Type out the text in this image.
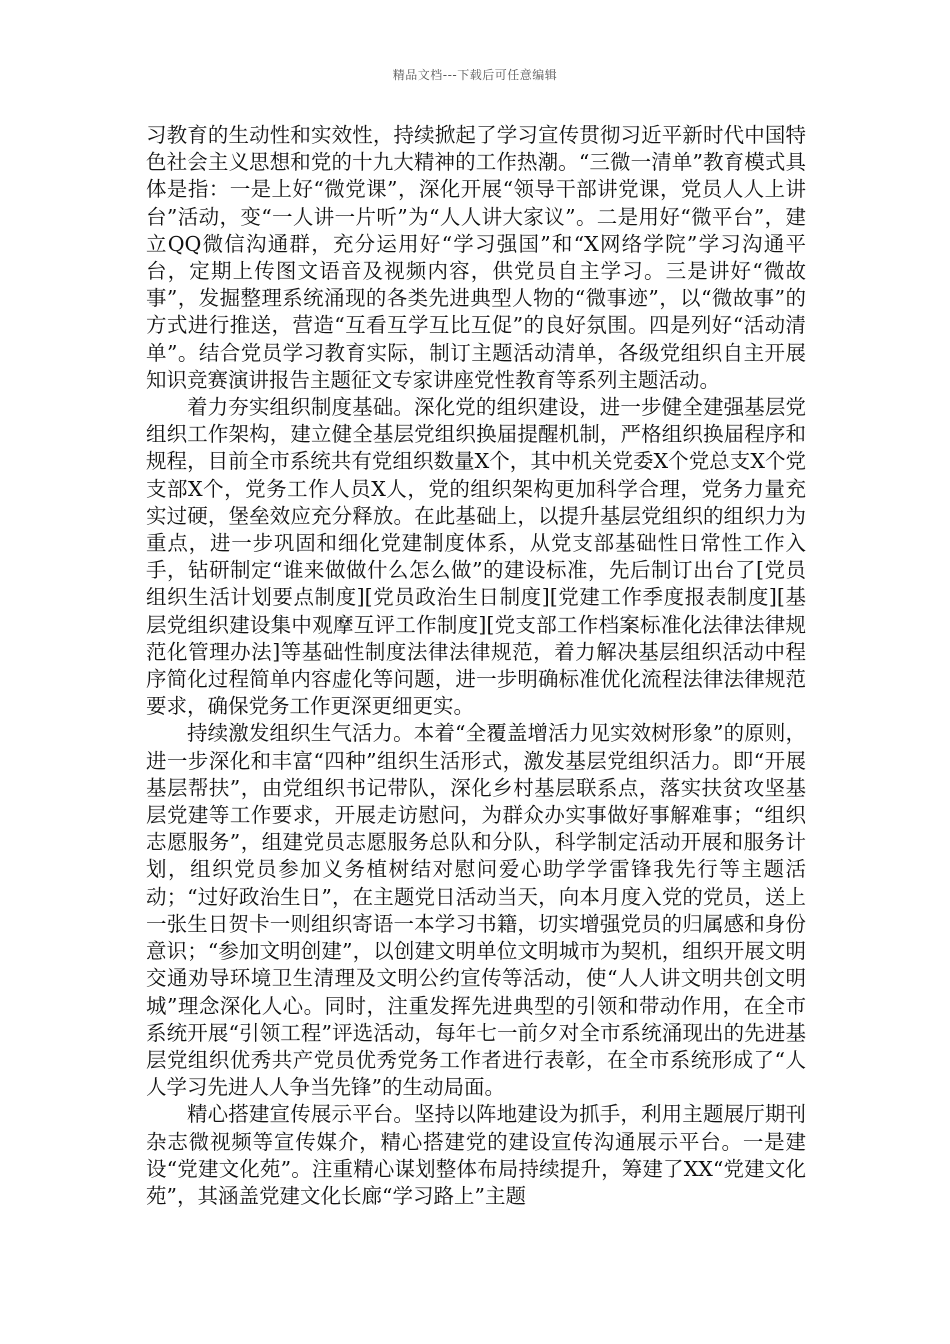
精品文档---下载后可任意编辑

习教育的生动性和实效性，持续掀起了学习宣传贯彻习近平新时代中国特色社会主义思想和党的十九大精神的工作热潮。“三微一清单”教育模式具体是指：一是上好“微党课”，深化开展“领导干部讲党课，党员人人上讲台”活动，变“一人讲一片听”为“人人讲大家议”。二是用好“微平台”，建立QQ微信沟通群，充分运用好“学习强国”和“X网络学院”学习沟通平台，定期上传图文语音及视频内容，供党员自主学习。三是讲好“微故事”，发掘整理系统涌现的各类先进典型人物的“微事迹”，以“微故事”的方式进行推送，营造“互看互学互比互促”的良好氛围。四是列好“活动清单”。结合党员学习教育实际，制订主题活动清单，各级党组织自主开展知识竞赛演讲报告主题征文专家讲座党性教育等系列主题活动。

着力夯实组织制度基础。深化党的组织建设，进一步健全建强基层党组织工作架构，建立健全基层党组织换届提醒机制，严格组织换届程序和规程，目前全市系统共有党组织数量X个，其中机关党委X个党总支X个党支部X个，党务工作人员X人，党的组织架构更加科学合理，党务力量充实过硬，堡垒效应充分释放。在此基础上，以提升基层党组织的组织力为重点，进一步巩固和细化党建制度体系，从党支部基础性日常性工作入手，钻研制定“谁来做做什么怎么做”的建设标准，先后制订出台了[党员组织生活计划要点制度][党员政治生日制度][党建工作季度报表制度][基层党组织建设集中观摩互评工作制度][党支部工作档案标准化法律法律规范化管理办法]等基础性制度法律法律规范，着力解决基层组织活动中程序简化过程简单内容虚化等问题，进一步明确标准优化流程法律法律规范要求，确保党务工作更深更细更实。

持续激发组织生气活力。本着“全覆盖增活力见实效树形象”的原则，进一步深化和丰富“四种”组织生活形式，激发基层党组织活力。即“开展基层帮扶”，由党组织书记带队，深化乡村基层联系点，落实扶贫攻坚基层党建等工作要求，开展走访慰问，为群众办实事做好事解难事；“组织志愿服务”，组建党员志愿服务总队和分队，科学制定活动开展和服务计划，组织党员参加义务植树结对慰问爱心助学学雷锋我先行等主题活动；“过好政治生日”，在主题党日活动当天，向本月度入党的党员，送上一张生日贺卡一则组织寄语一本学习书籍，切实增强党员的归属感和身份意识；“参加文明创建”，以创建文明单位文明城市为契机，组织开展文明交通劝导环境卫生清理及文明公约宣传等活动，使“人人讲文明共创文明城”理念深化人心。同时，注重发挥先进典型的引领和带动作用，在全市系统开展“引领工程”评选活动，每年七一前夕对全市系统涌现出的先进基层党组织优秀共产党员优秀党务工作者进行表彰，在全市系统形成了“人人学习先进人人争当先锋”的生动局面。

精心搭建宣传展示平台。坚持以阵地建设为抓手，利用主题展厅期刊杂志微视频等宣传媒介，精心搭建党的建设宣传沟通展示平台。一是建设“党建文化苑”。注重精心谋划整体布局持续提升，筹建了XX“党建文化苑”，其涵盖党建文化长廊“学习路上”主题
